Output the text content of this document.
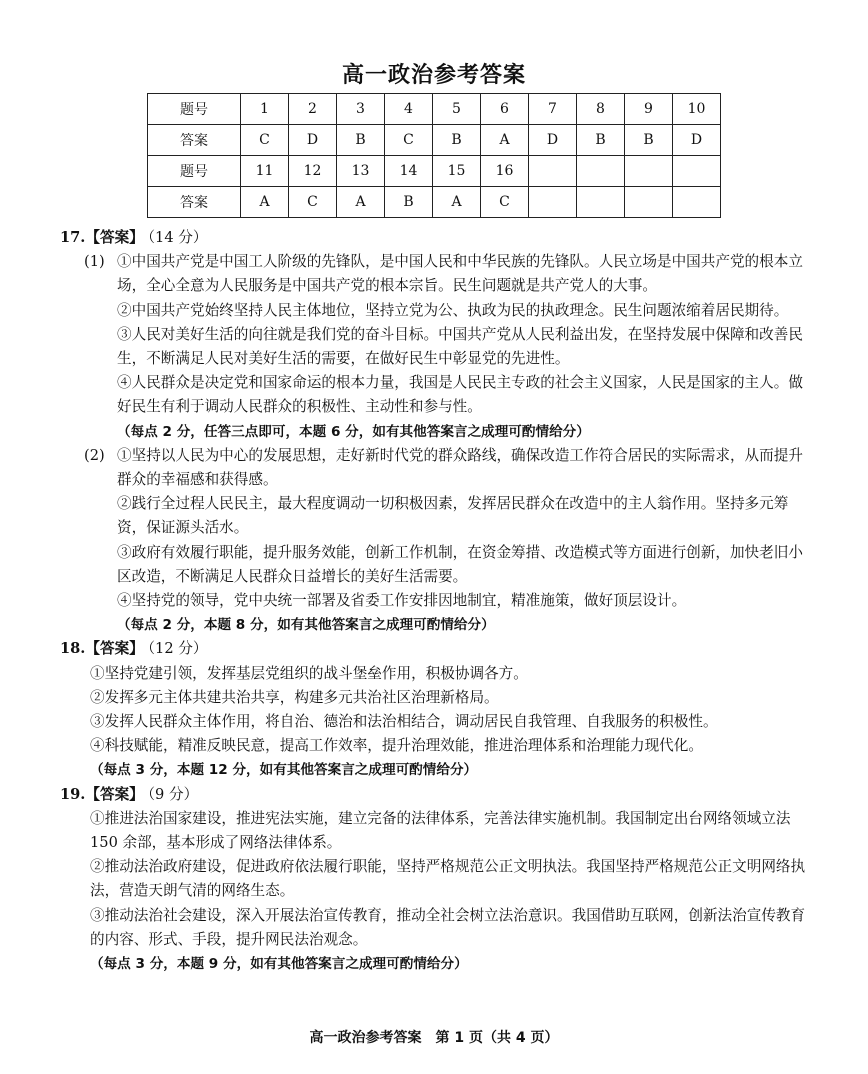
高一政治参考答案
题号	1	2	3	4	5	6	7	8	9	10
答案	C	D	B	C	B	A	D	B	B	D
题号	11	12	13	14	15	16				
答案	A	C	A	B	A	C				

17.【答案】 （14 分）

(1) ①中国共产党是中国工人阶级的先锋队，是中国人民和中华民族的先锋队。人民立场是中国共产党的根本立场，全心全意为人民服务是中国共产党的根本宗旨。民生问题就是共产党人的大事。

②中国共产党始终坚持人民主体地位，坚持立党为公、执政为民的执政理念。民生问题浓缩着居民期待。

③人民对美好生活的向往就是我们党的奋斗目标。中国共产党从人民利益出发，在坚持发展中保障和改善民生，不断满足人民对美好生活的需要，在做好民生中彰显党的先进性。

④人民群众是决定党和国家命运的根本力量，我国是人民民主专政的社会主义国家，人民是国家的主人。做好民生有利于调动人民群众的积极性、主动性和参与性。

（每点 2 分，任答三点即可，本题 6 分，如有其他答案言之成理可酌情给分）

(2) ①坚持以人民为中心的发展思想，走好新时代党的群众路线，确保改造工作符合居民的实际需求，从而提升群众的幸福感和获得感。

②践行全过程人民民主，最大程度调动一切积极因素，发挥居民群众在改造中的主人翁作用。坚持多元筹资，保证源头活水。

③政府有效履行职能，提升服务效能，创新工作机制，在资金筹措、改造模式等方面进行创新，加快老旧小区改造，不断满足人民群众日益增长的美好生活需要。

④坚持党的领导，党中央统一部署及省委工作安排因地制宜，精准施策，做好顶层设计。

（每点 2 分，本题 8 分，如有其他答案言之成理可酌情给分）

18.【答案】 （12 分）

①坚持党建引领，发挥基层党组织的战斗堡垒作用，积极协调各方。

②发挥多元主体共建共治共享，构建多元共治社区治理新格局。

③发挥人民群众主体作用，将自治、德治和法治相结合，调动居民自我管理、自我服务的积极性。

④科技赋能，精准反映民意，提高工作效率，提升治理效能，推进治理体系和治理能力现代化。

（每点 3 分，本题 12 分，如有其他答案言之成理可酌情给分）

19.【答案】 （9 分）

①推进法治国家建设，推进宪法实施，建立完备的法律体系，完善法律实施机制。我国制定出台网络领域立法 150 余部，基本形成了网络法律体系。

②推动法治政府建设，促进政府依法履行职能，坚持严格规范公正文明执法。我国坚持严格规范公正文明网络执法，营造天朗气清的网络生态。

③推动法治社会建设，深入开展法治宣传教育，推动全社会树立法治意识。我国借助互联网，创新法治宣传教育的内容、形式、手段，提升网民法治观念。

（每点 3 分，本题 9 分，如有其他答案言之成理可酌情给分）

高一政治参考答案　第 1 页（共 4 页）
